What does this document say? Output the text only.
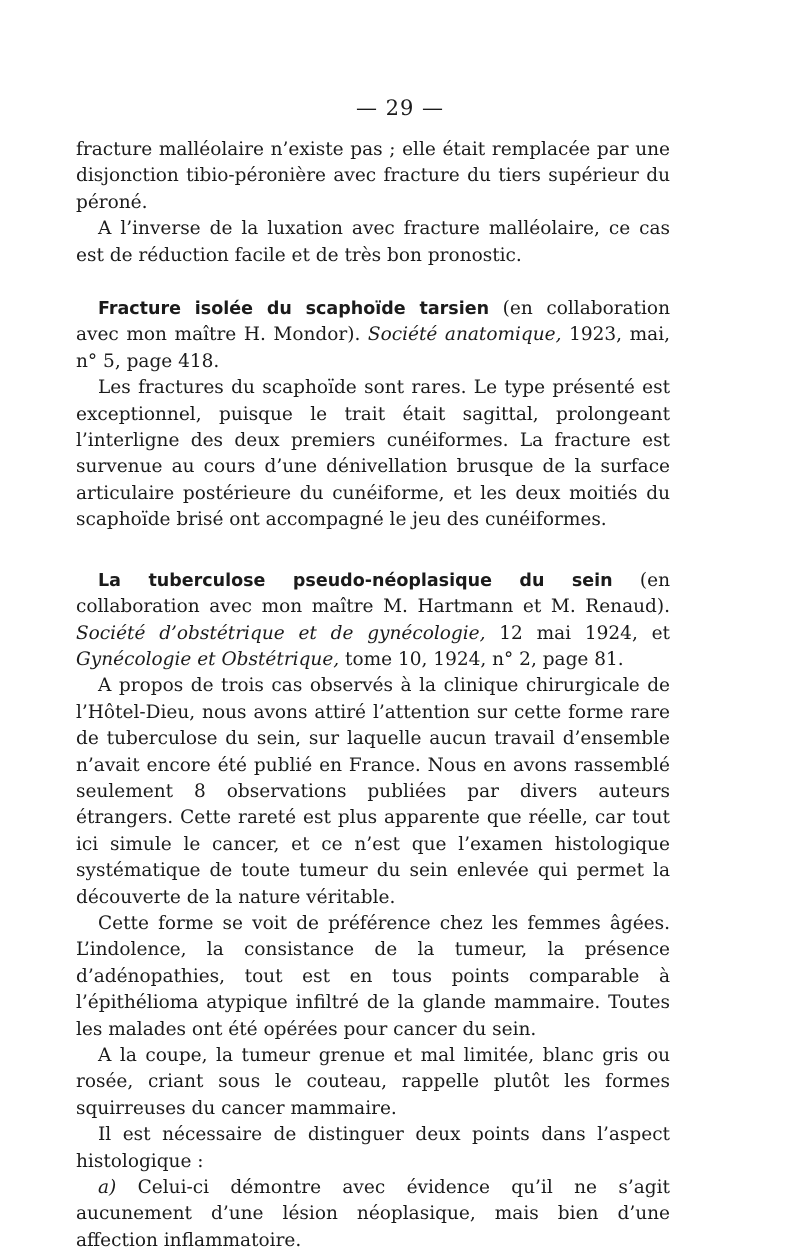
— 29 —

fracture malléolaire n’existe pas ; elle était remplacée par une disjonction tibio-péronière avec fracture du tiers supérieur du péroné.

A l’inverse de la luxation avec fracture malléolaire, ce cas est de réduction facile et de très bon pronostic.

Fracture isolée du scaphoïde tarsien (en collaboration avec mon maître H. Mondor). Société anatomique, 1923, mai, n° 5, page 418.

Les fractures du scaphoïde sont rares. Le type présenté est exceptionnel, puisque le trait était sagittal, prolongeant l’interligne des deux premiers cunéiformes. La fracture est survenue au cours d’une dénivellation brusque de la surface articulaire postérieure du cunéiforme, et les deux moitiés du scaphoïde brisé ont accompagné le jeu des cunéiformes.

La tuberculose pseudo-néoplasique du sein (en collaboration avec mon maître M. Hartmann et M. Renaud). Société d’obstétrique et de gynécologie, 12 mai 1924, et Gynécologie et Obstétrique, tome 10, 1924, n° 2, page 81.

A propos de trois cas observés à la clinique chirurgicale de l’Hôtel-Dieu, nous avons attiré l’attention sur cette forme rare de tuberculose du sein, sur laquelle aucun travail d’ensemble n’avait encore été publié en France. Nous en avons rassemblé seulement 8 observations publiées par divers auteurs étrangers. Cette rareté est plus apparente que réelle, car tout ici simule le cancer, et ce n’est que l’examen histologique systématique de toute tumeur du sein enlevée qui permet la découverte de la nature véritable.

Cette forme se voit de préférence chez les femmes âgées. L’indolence, la consistance de la tumeur, la présence d’adénopathies, tout est en tous points comparable à l’épithélioma atypique infiltré de la glande mammaire. Toutes les malades ont été opérées pour cancer du sein.

A la coupe, la tumeur grenue et mal limitée, blanc gris ou rosée, criant sous le couteau, rappelle plutôt les formes squirreuses du cancer mammaire.

Il est nécessaire de distinguer deux points dans l’aspect histologique :

a) Celui-ci démontre avec évidence qu’il ne s’agit aucunement d’une lésion néoplasique, mais bien d’une affection inflammatoire.
